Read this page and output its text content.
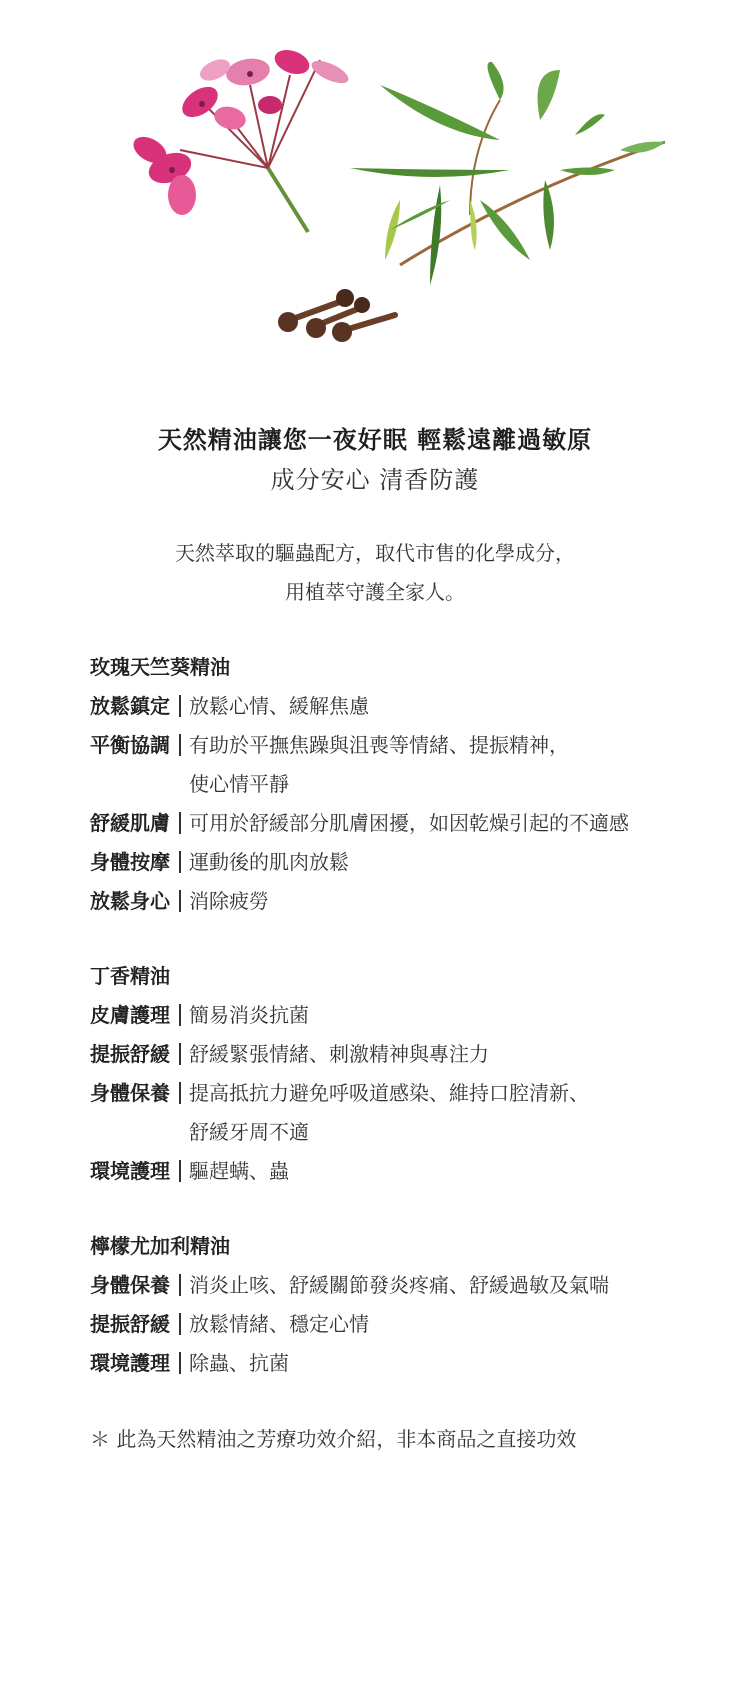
天然精油讓您一夜好眠 輕鬆遠離過敏原
成分安心 清香防護
天然萃取的驅蟲配方，取代市售的化學成分，
用植萃守護全家人。
玫瑰天竺葵精油
放鬆鎮定 放鬆心情、緩解焦慮
平衡協調 有助於平撫焦躁與沮喪等情緒、提振精神，
使心情平靜
舒緩肌膚 可用於舒緩部分肌膚困擾，如因乾燥引起的不適感
身體按摩 運動後的肌肉放鬆
放鬆身心 消除疲勞
丁香精油
皮膚護理 簡易消炎抗菌
提振舒緩 舒緩緊張情緒、刺激精神與專注力
身體保養 提高抵抗力避免呼吸道感染、維持口腔清新、
舒緩牙周不適
環境護理 驅趕螨、蟲
檸檬尤加利精油
身體保養 消炎止咳、舒緩關節發炎疼痛、舒緩過敏及氣喘
提振舒緩 放鬆情緒、穩定心情
環境護理 除蟲、抗菌
＊ 此為天然精油之芳療功效介紹，非本商品之直接功效
